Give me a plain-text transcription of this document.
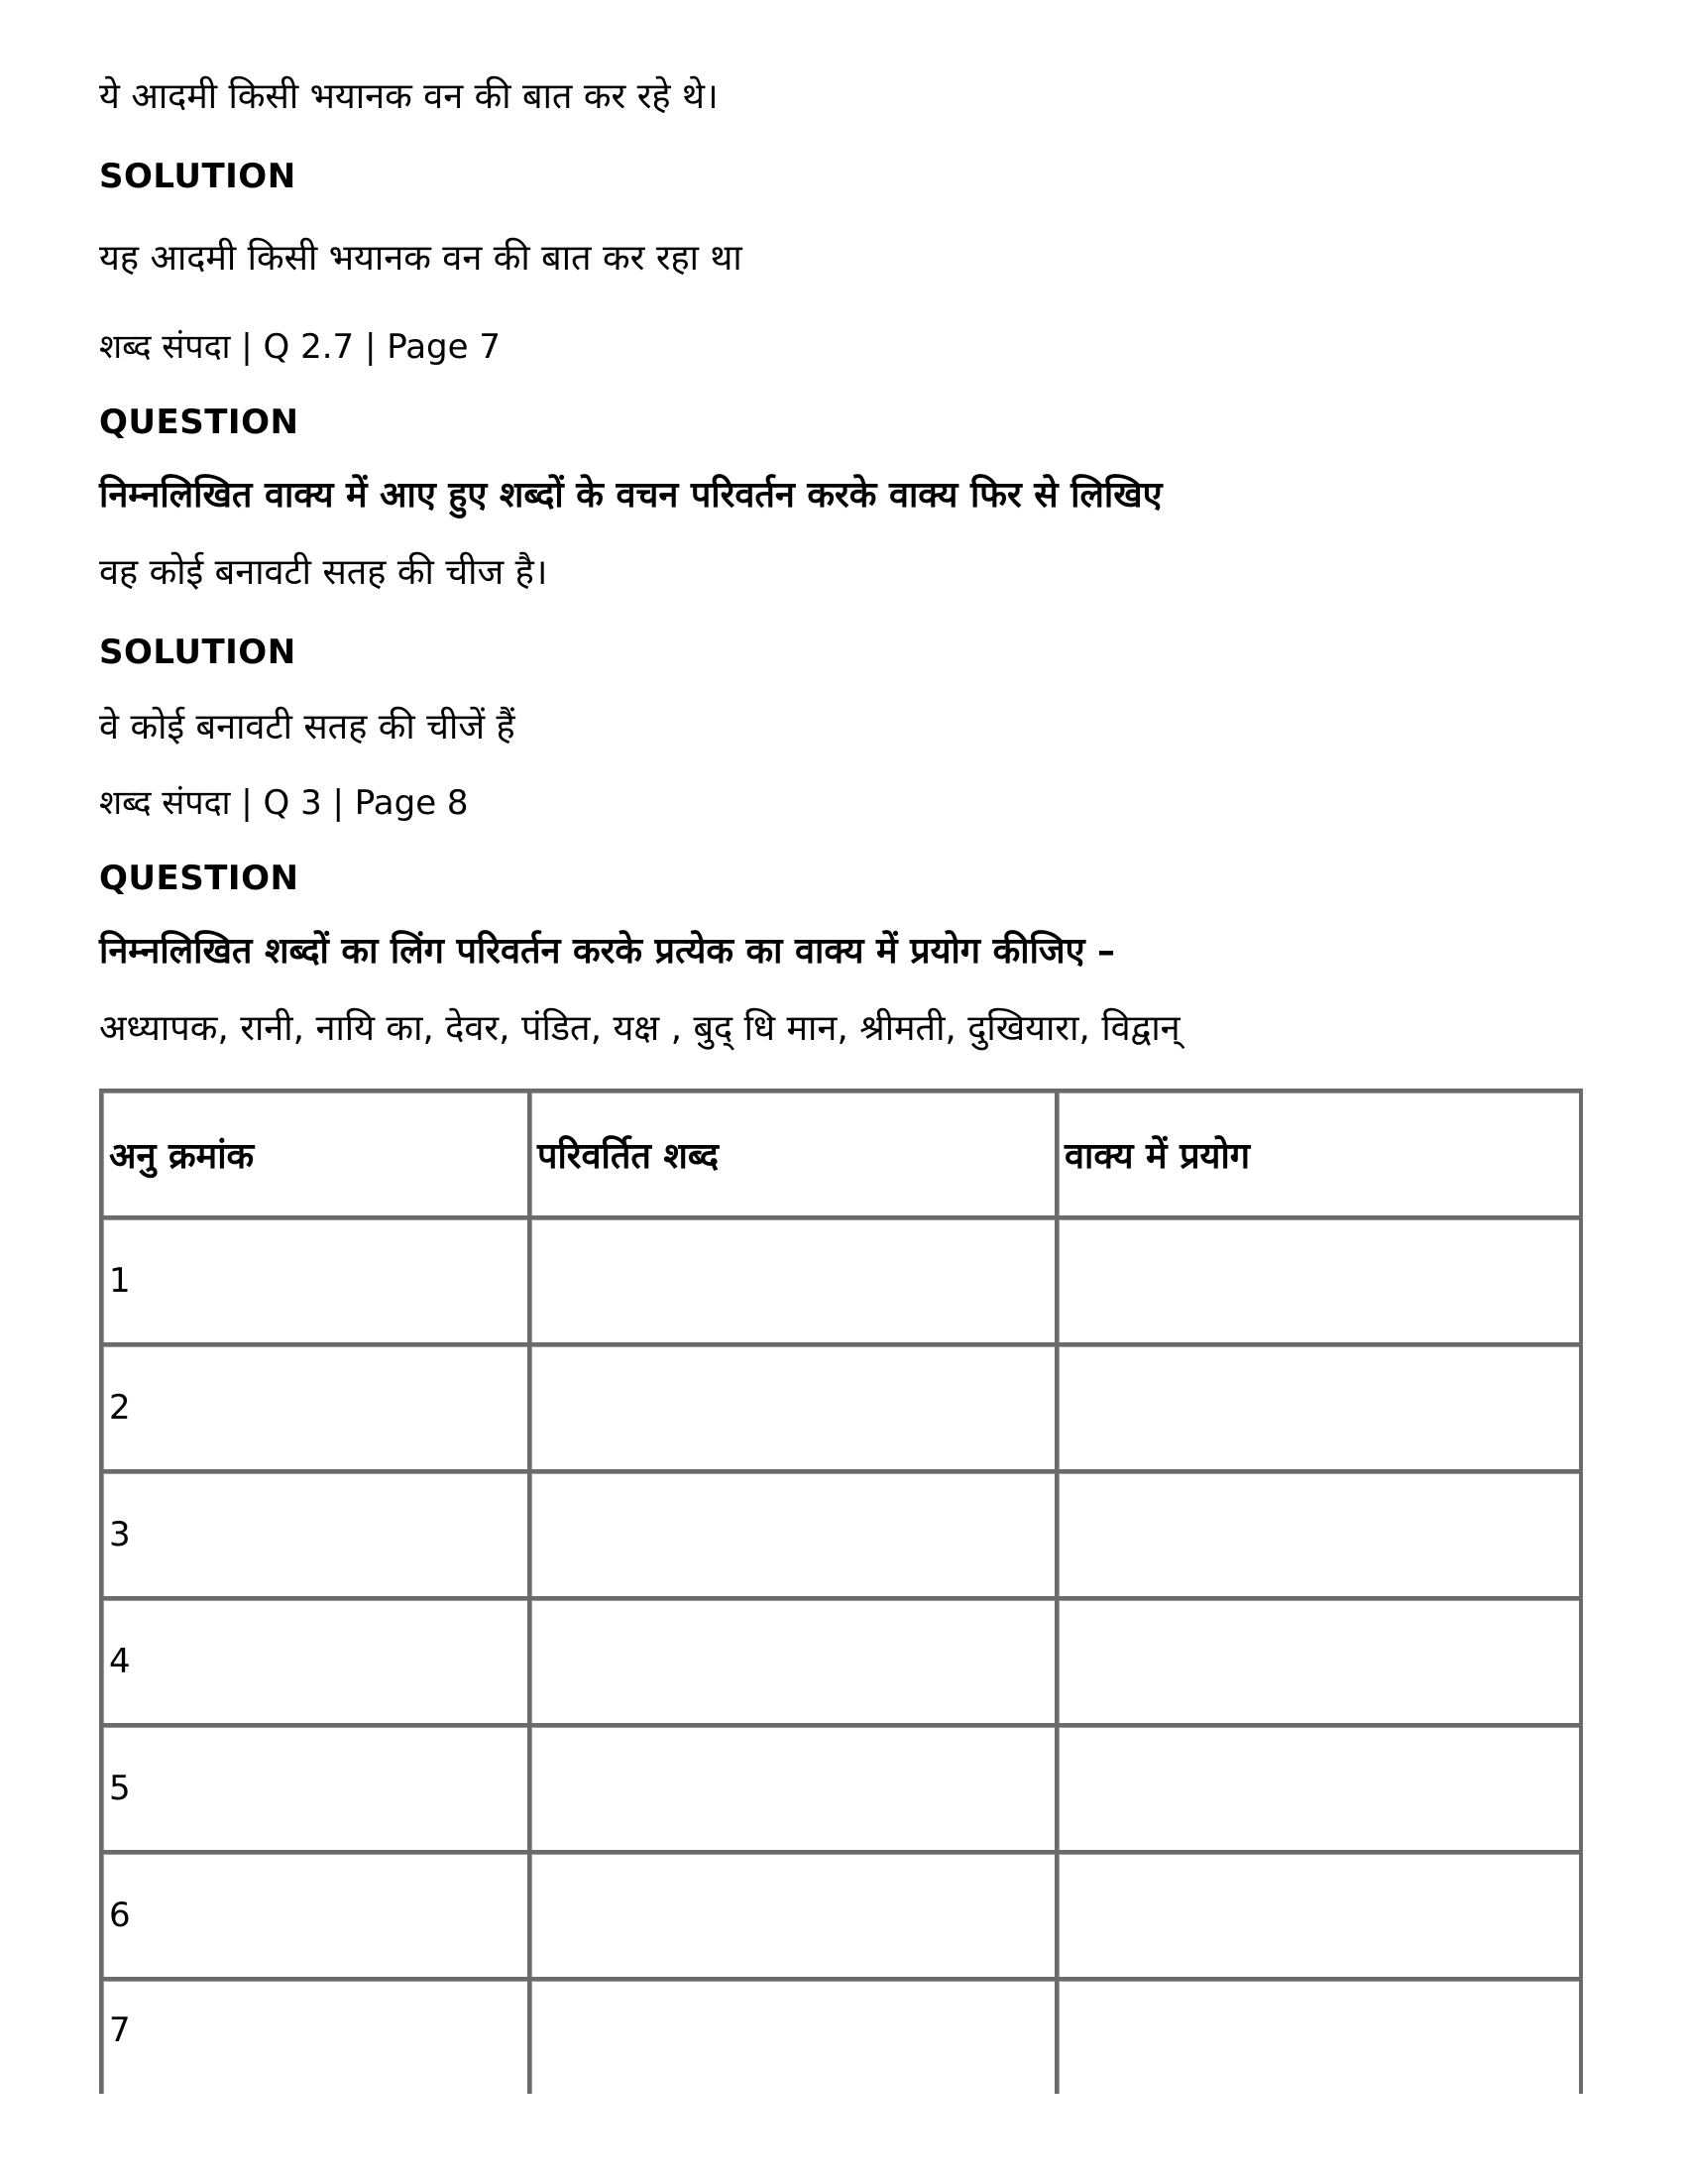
ये आदमी किसी भयानक वन की बात कर रहे थे।
SOLUTION
यह आदमी किसी भयानक वन की बात कर रहा था
शब्द संपदा | Q 2.7 | Page 7
QUESTION
निम्नलिखित वाक्य में आए हुए शब्दों के वचन परिवर्तन करके वाक्य फिर से लिखिए
वह कोई बनावटी सतह की चीज है।
SOLUTION
वे कोई बनावटी सतह की चीजें हैं
शब्द संपदा | Q 3 | Page 8
QUESTION
निम्नलिखित शब्दों का लिंग परिवर्तन करके प्रत्येक का वाक्य में प्रयोग कीजिए –
अध्यापक, रानी, नायि का, देवर, पंडित, यक्ष , बुद्‍ धि मान, श्रीमती, दुखियारा, विद्वान्
अनु क्रमांक	परिवर्तित शब्द	वाक्य में प्रयोग
1		
2		
3		
4		
5		
6		
7		
